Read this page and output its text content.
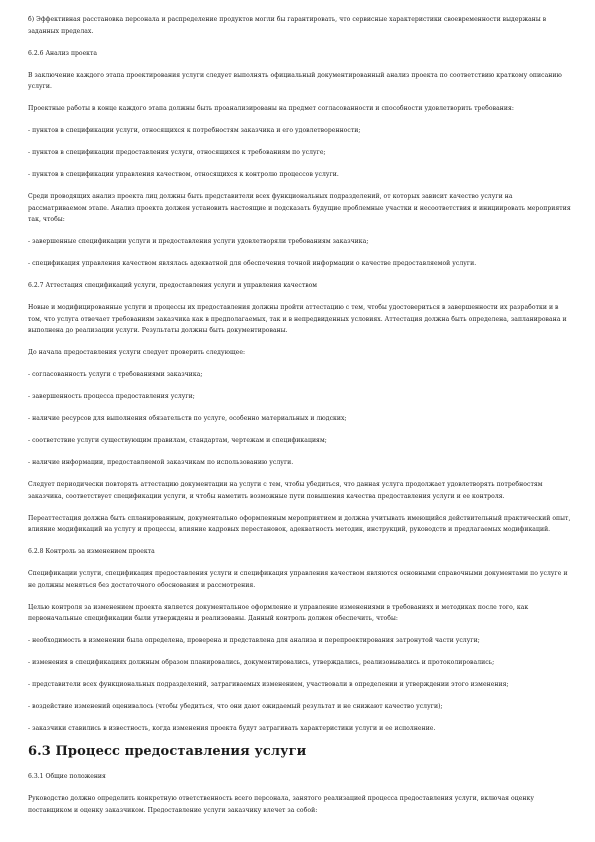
б) Эффективная расстановка персонала и распределение продуктов могли бы гарантировать, что сервисные характеристики своевременности выдержаны в заданных пределах.

6.2.6 Анализ проекта

В заключение каждого этапа проектирования услуги следует выполнять официальный документированный анализ проекта по соответствию краткому описанию услуги.

Проектные работы в конце каждого этапа должны быть проанализированы на предмет согласованности и способности удовлетворить требования:

- пунктов в спецификации услуги, относящихся к потребностям заказчика и его удовлетворенности;

- пунктов в спецификации предоставления услуги, относящихся к требованиям по услуге;

- пунктов в спецификации управления качеством, относящихся к контролю процессов услуги.

Среди проводящих анализ проекта лиц должны быть представители всех функциональных подразделений, от которых зависит качество услуги на рассматриваемом этапе. Анализ проекта должен установить настоящие и подсказать будущие проблемные участки и несоответствия и инициировать мероприятия так, чтобы:

- завершенные спецификации услуги и предоставления услуги удовлетворяли требованиям заказчика;

- спецификация управления качеством являлась адекватной для обеспечения точной информации о качестве предоставляемой услуги.

6.2.7 Аттестация спецификаций услуги, предоставления услуги и управления качеством

Новые и модифицированные услуги и процессы их предоставления должны пройти аттестацию с тем, чтобы удостовериться в завершенности их разработки и в том, что услуга отвечает требованиям заказчика как в предполагаемых, так и в непредвиденных условиях. Аттестация должна быть определена, запланирована и выполнена до реализации услуги. Результаты должны быть документированы.

До начала предоставления услуги следует проверить следующее:

- согласованность услуги с требованиями заказчика;

- завершенность процесса предоставления услуги;

- наличие ресурсов для выполнения обязательств по услуге, особенно материальных и людских;

- соответствие услуги существующим правилам, стандартам, чертежам и спецификациям;

- наличие информации, предоставляемой заказчикам по использованию услуги.

Следует периодически повторять аттестацию документации на услуги с тем, чтобы убедиться, что данная услуга продолжает удовлетворять потребностям заказчика, соответствует спецификации услуги, и чтобы наметить возможные пути повышения качества предоставления услуги и ее контроля.

Переаттестация должна быть спланированным, документально оформленным мероприятием и должна учитывать имеющийся действительный практический опыт, влияние модификаций на услугу и процессы, влияние кадровых перестановок, адекватность методик, инструкций, руководств и предлагаемых модификаций.

6.2.8 Контроль за изменением проекта

Спецификации услуги, спецификация предоставления услуги и спецификация управления качеством являются основными справочными документами по услуге и не должны меняться без достаточного обоснования и рассмотрения.

Целью контроля за изменением проекта является документальное оформление и управление изменениями в требованиях и методиках после того, как первоначальные спецификации были утверждены и реализованы. Данный контроль должен обеспечить, чтобы:

- необходимость в изменении была определена, проверена и представлена для анализа и перепроектирования затронутой части услуги;

- изменения в спецификациях должным образом планировались, документировались, утверждались, реализовывались и протоколировались;

- представители всех функциональных подразделений, затрагиваемых изменением, участвовали в определении и утверждении этого изменения;

- воздействие изменений оценивалось (чтобы убедиться, что они дают ожидаемый результат и не снижают качество услуги);

- заказчики ставились в известность, когда изменения проекта будут затрагивать характеристики услуги и ее исполнение.

6.3 Процесс предоставления услуги
6.3.1 Общие положения

Руководство должно определить конкретную ответственность всего персонала, занятого реализацией процесса предоставления услуги, включая оценку поставщиком и оценку заказчиком. Предоставление услуги заказчику влечет за собой:
